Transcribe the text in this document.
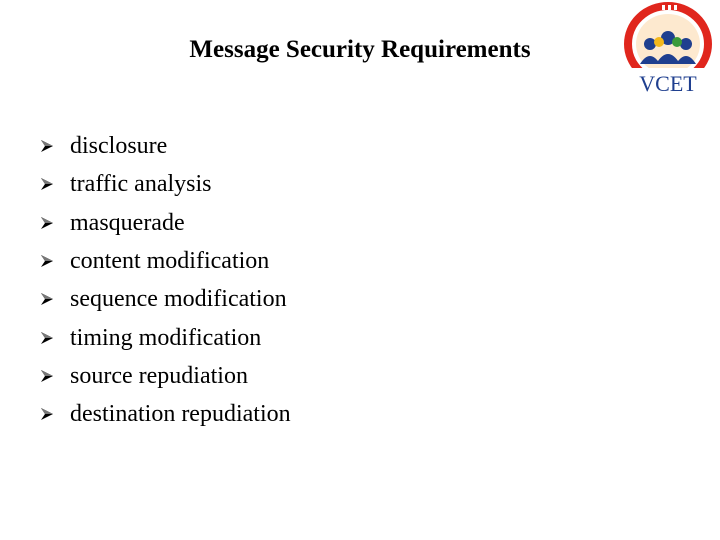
Message Security Requirements
VCET
disclosure
traffic analysis
masquerade
content modification
sequence modification
timing modification
source repudiation
destination repudiation
